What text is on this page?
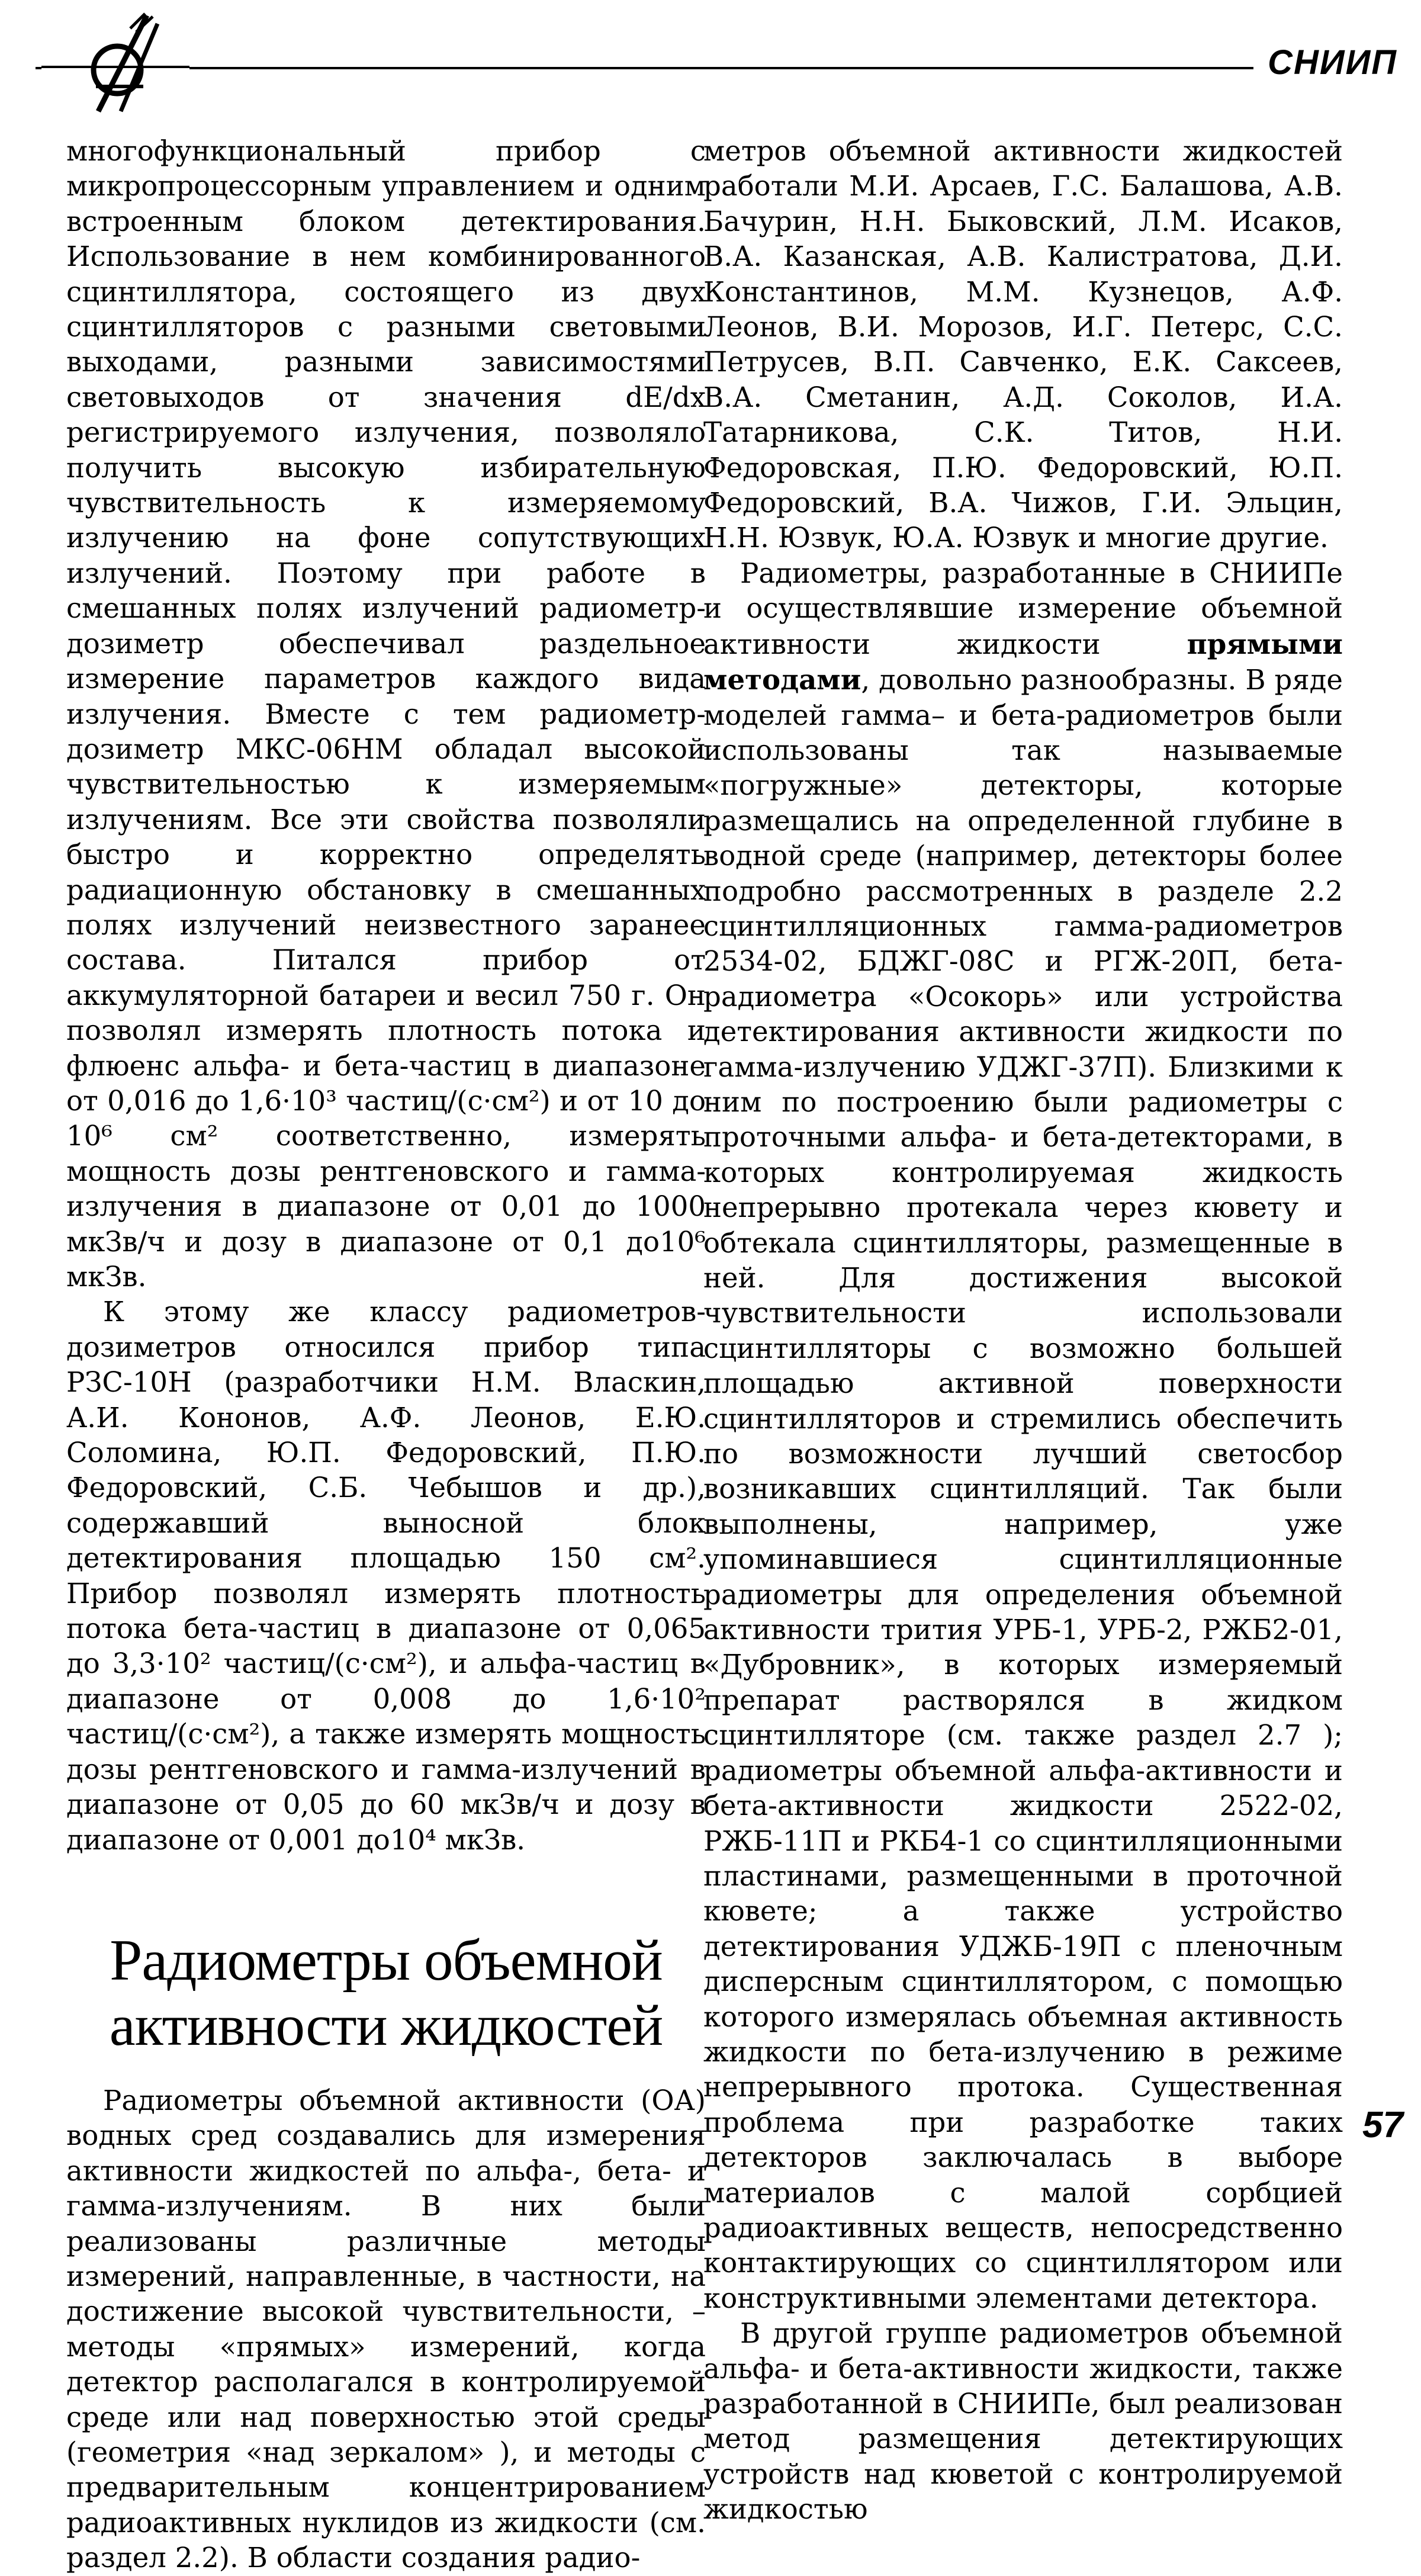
СНИИП

многофункциональный прибор с микропроцессорным управлением и одним встроенным блоком детектирования. Использование в нем комбинированного сцинтиллятора, состоящего из двух сцинтилляторов с разными световыми выходами, разными зависимостями световыходов от значения dE/dx регистрируемого излучения, позволяло получить высокую избирательную чувствительность к измеряемому излучению на фоне сопутствующих излучений. Поэтому при работе в смешанных полях излучений радиометр-дозиметр обеспечивал раздельное измерение параметров каждого вида излучения. Вместе с тем радиометр-дозиметр МКС-06НМ обладал высокой чувствительностью к измеряемым излучениям. Все эти свойства позволяли быстро и корректно определять радиационную обстановку в смешанных полях излучений неизвестного заранее состава. Питался прибор от аккумуляторной батареи и весил 750 г. Он позволял измерять плотность потока и флюенс альфа- и бета-частиц в диапазоне от 0,016 до 1,6·10³ частиц/(с·см²) и от 10 до 10⁶ см² соответственно, измерять мощность дозы рентгеновского и гамма-излучения в диапазоне от 0,01 до 1000 мкЗв/ч и дозу в диапазоне от 0,1 до10⁶ мкЗв.

К этому же классу радиометров-дозиметров относился прибор типа РЗС-10Н (разработчики Н.М. Власкин, А.И. Кононов, А.Ф. Леонов, Е.Ю. Соломина, Ю.П. Федоровский, П.Ю. Федоровский, С.Б. Чебышов и др.), содержавший выносной блок детектирования площадью 150 см². Прибор позволял измерять плотность потока бета-частиц в диапазоне от 0,065 до 3,3·10² частиц/(с·см²), и альфа-частиц в диапазоне от 0,008 до 1,6·10² частиц/(с·см²), а также измерять мощность дозы рентгеновского и гамма-излучений в диапазоне от 0,05 до 60 мкЗв/ч и дозу в диапазоне от 0,001 до10⁴ мкЗв.

Радиометры объемной
активности жидкостей

Радиометры объемной активности (ОА) водных сред создавались для измерения активности жидкостей по альфа-, бета- и гамма-излучениям. В них были реализованы различные методы измерений, направленные, в частности, на достижение высокой чувствительности, – методы «прямых» измерений, когда детектор располагался в контролируемой среде или над поверхностью этой среды (геометрия «над зеркалом» ), и методы с предварительным концентрированием радиоактивных нуклидов из жидкости (см. раздел 2.2). В области создания радио-

метров объемной активности жидкостей работали М.И. Арсаев, Г.С. Балашова, А.В. Бачурин, Н.Н. Быковский, Л.М. Исаков, В.А. Казанская, А.В. Калистратова, Д.И. Константинов, М.М. Кузнецов, А.Ф. Леонов, В.И. Морозов, И.Г. Петерс, С.С. Петрусев, В.П. Савченко, Е.К. Саксеев, В.А. Сметанин, А.Д. Соколов, И.А. Татарникова, С.К. Титов, Н.И. Федоровская, П.Ю. Федоровский, Ю.П. Федоровский, В.А. Чижов, Г.И. Эльцин, Н.Н. Юзвук, Ю.А. Юзвук и многие другие.

Радиометры, разработанные в СНИИПе и осуществлявшие измерение объемной активности жидкости прямыми методами, довольно разнообразны. В ряде моделей гамма– и бета-радиометров были использованы так называемые «погружные» детекторы, которые размещались на определенной глубине в водной среде (например, детекторы более подробно рассмотренных в разделе 2.2 сцинтилляционных гамма-радиометров 2534-02, БДЖГ-08С и РГЖ-20П, бета-радиометра «Осокорь» или устройства детектирования активности жидкости по гамма-излучению УДЖГ-37П). Близкими к ним по построению были радиометры с проточными альфа- и бета-детекторами, в которых контролируемая жидкость непрерывно протекала через кювету и обтекала сцинтилляторы, размещенные в ней. Для достижения высокой чувствительности использовали сцинтилляторы с возможно большей площадью активной поверхности сцинтилляторов и стремились обеспечить по возможности лучший светосбор возникавших сцинтилляций. Так были выполнены, например, уже упоминавшиеся сцинтилляционные радиометры для определения объемной активности трития УРБ-1, УРБ-2, РЖБ2-01, «Дубровник», в которых измеряемый препарат растворялся в жидком сцинтилляторе (см. также раздел 2.7 ); радиометры объемной альфа-активности и бета-активности жидкости 2522-02, РЖБ-11П и РКБ4-1 со сцинтилляционными пластинами, размещенными в проточной кювете; а также устройство детектирования УДЖБ-19П с пленочным дисперсным сцинтиллятором, с помощью которого измерялась объемная активность жидкости по бета-излучению в режиме непрерывного протока. Существенная проблема при разработке таких детекторов заключалась в выборе материалов с малой сорбцией радиоактивных веществ, непосредственно контактирующих со сцинтиллятором или конструктивными элементами детектора.

В другой группе радиометров объемной альфа- и бета-активности жидкости, также разработанной в СНИИПе, был реализован метод размещения детектирующих устройств над кюветой с контролируемой жидкостью

57
